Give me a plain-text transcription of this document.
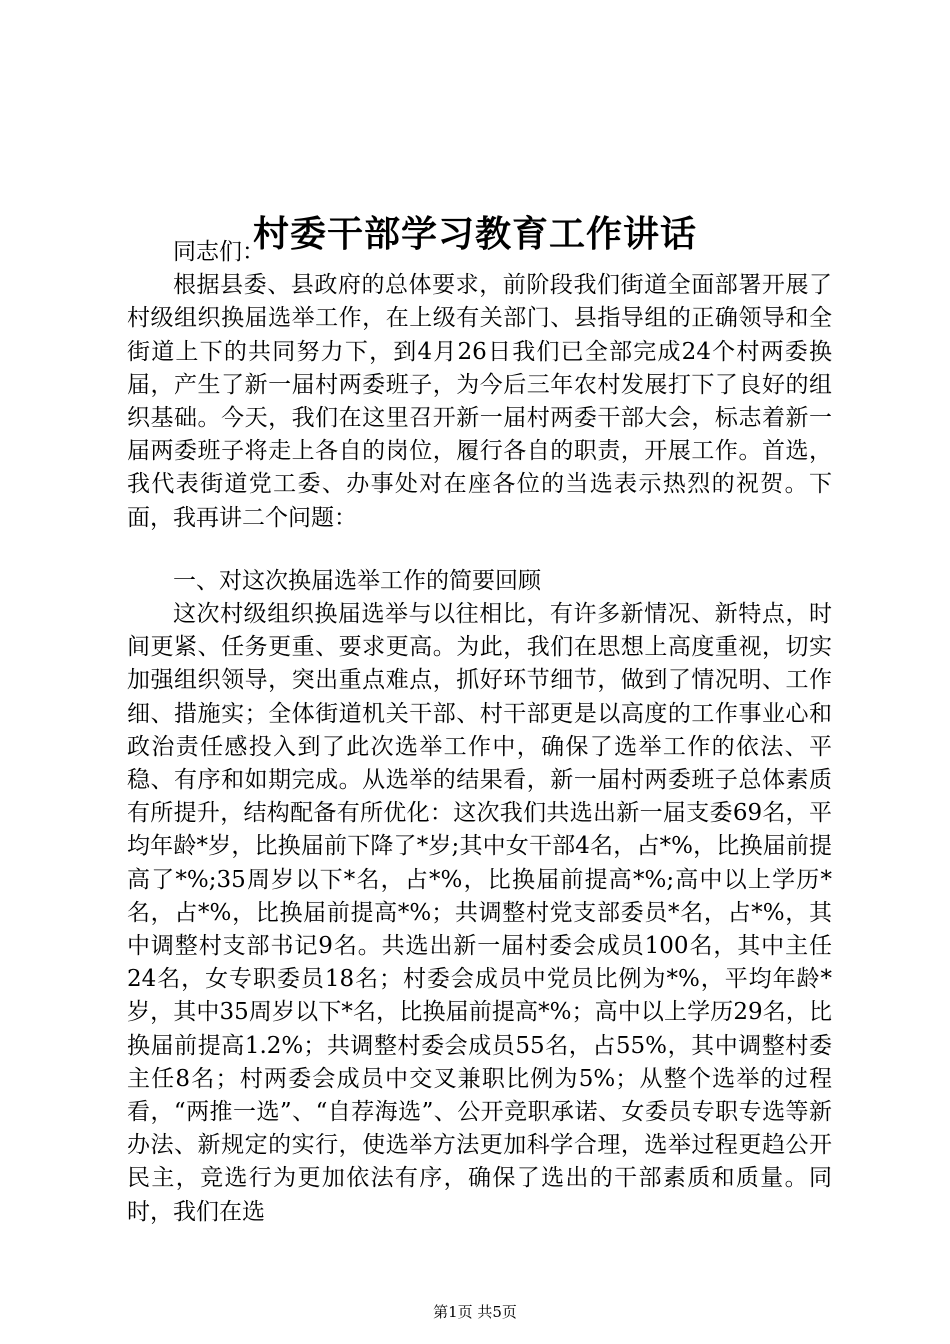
村委干部学习教育工作讲话

同志们：

根据县委、县政府的总体要求，前阶段我们街道全面部署开展了村级组织换届选举工作，在上级有关部门、县指导组的正确领导和全街道上下的共同努力下，到4月26日我们已全部完成24个村两委换届，产生了新一届村两委班子，为今后三年农村发展打下了良好的组织基础。今天，我们在这里召开新一届村两委干部大会，标志着新一届两委班子将走上各自的岗位，履行各自的职责，开展工作。首选，我代表街道党工委、办事处对在座各位的当选表示热烈的祝贺。下面，我再讲二个问题：

一、对这次换届选举工作的简要回顾

这次村级组织换届选举与以往相比，有许多新情况、新特点，时间更紧、任务更重、要求更高。为此，我们在思想上高度重视，切实加强组织领导，突出重点难点，抓好环节细节，做到了情况明、工作细、措施实；全体街道机关干部、村干部更是以高度的工作事业心和政治责任感投入到了此次选举工作中，确保了选举工作的依法、平稳、有序和如期完成。从选举的结果看，新一届村两委班子总体素质有所提升，结构配备有所优化：这次我们共选出新一届支委69名，平均年龄*岁，比换届前下降了*岁;其中女干部4名，占*%，比换届前提高了*%;35周岁以下*名，占*%，比换届前提高*%;高中以上学历*名，占*%，比换届前提高*%；共调整村党支部委员*名，占*%，其中调整村支部书记9名。共选出新一届村委会成员100名，其中主任24名，女专职委员18名；村委会成员中党员比例为*%，平均年龄*岁，其中35周岁以下*名，比换届前提高*%；高中以上学历29名，比换届前提高1.2%；共调整村委会成员55名，占55%，其中调整村委主任8名；村两委会成员中交叉兼职比例为5%；从整个选举的过程看，“两推一选”、“自荐海选”、公开竞职承诺、女委员专职专选等新办法、新规定的实行，使选举方法更加科学合理，选举过程更趋公开民主，竞选行为更加依法有序，确保了选出的干部素质和质量。同时，我们在选

第1页 共5页
